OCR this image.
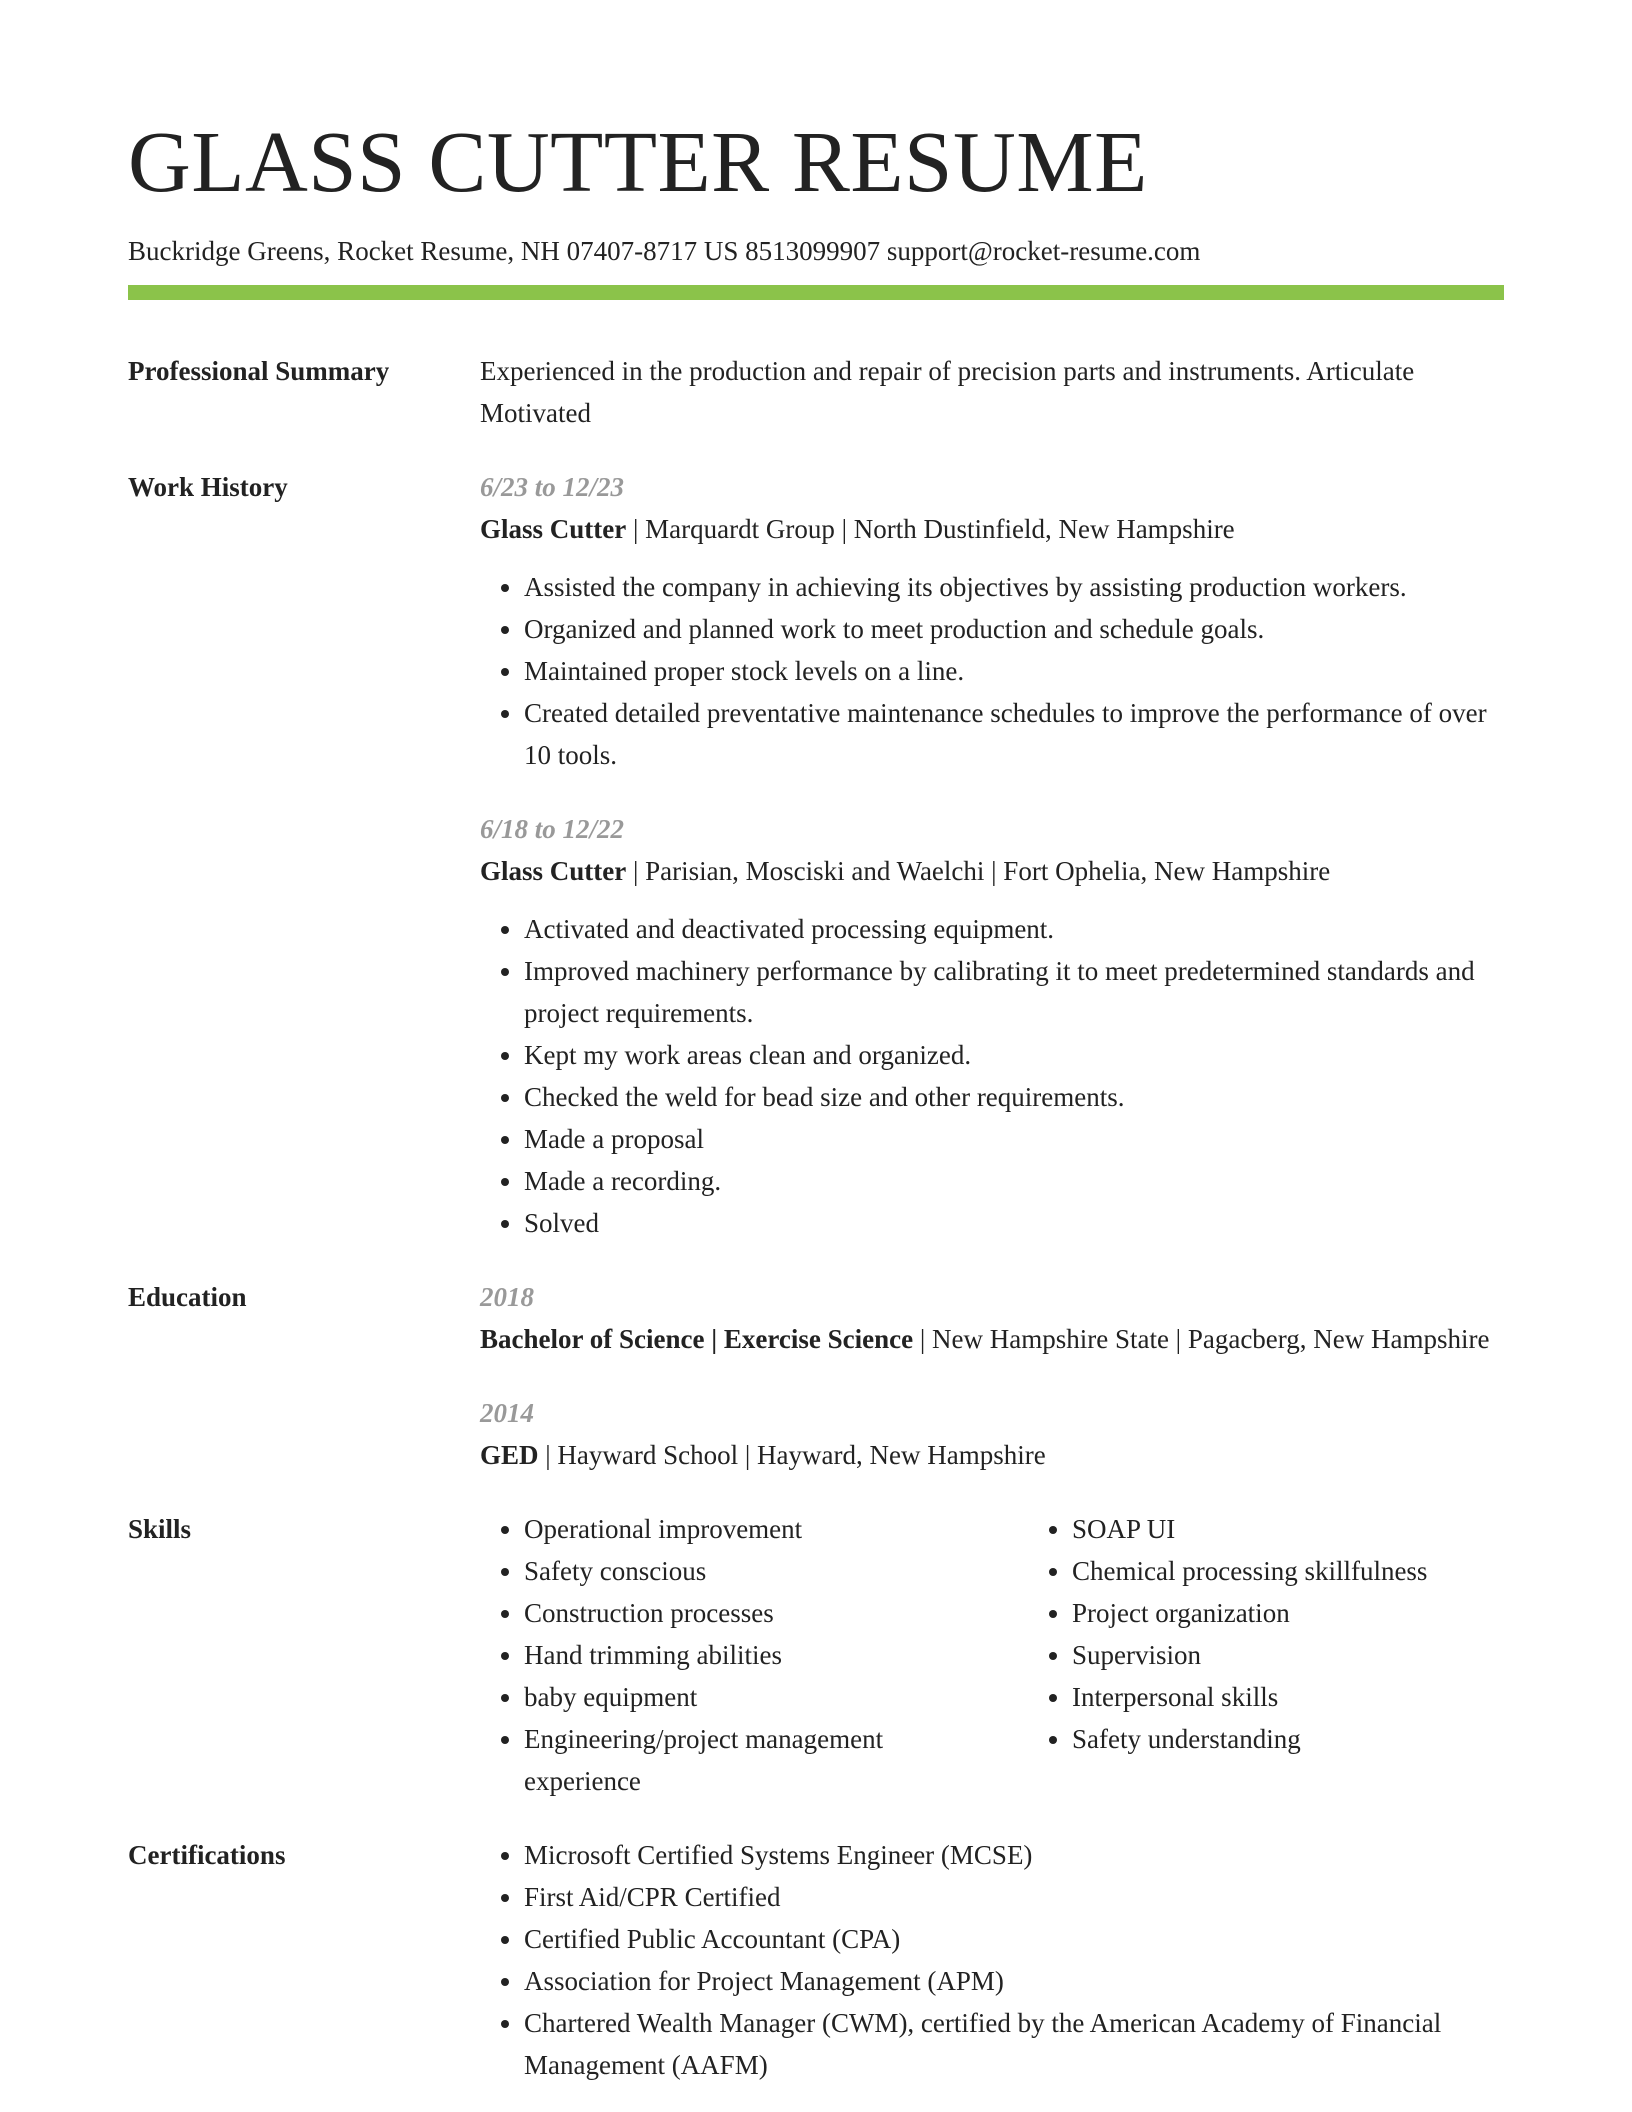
GLASS CUTTER RESUME
Buckridge Greens, Rocket Resume, NH 07407-8717 US 8513099907 support@rocket-resume.com
Professional Summary	Experienced in the production and repair of precision parts and instruments. Articulate Motivated
Work History	6/23 to 12/23

Glass Cutter | Marquardt Group | North Dustinfield, New Hampshire

• Assisted the company in achieving its objectives by assisting production workers.
• Organized and planned work to meet production and schedule goals.
• Maintained proper stock levels on a line.
• Created detailed preventative maintenance schedules to improve the performance of over 10 tools.
6/18 to 12/22

Glass Cutter | Parisian, Mosciski and Waelchi | Fort Ophelia, New Hampshire

• Activated and deactivated processing equipment.
• Improved machinery performance by calibrating it to meet predetermined standards and project requirements.
• Kept my work areas clean and organized.
• Checked the weld for bead size and other requirements.
• Made a proposal
• Made a recording.
• Solved
Education	2018

Bachelor of Science | Exercise Science | New Hampshire State | Pagacberg, New Hampshire

2014

GED | Hayward School | Hayward, New Hampshire

Skills	• Operational improvement
• Safety conscious
• Construction processes
• Hand trimming abilities
• baby equipment
• Engineering/project management experience
• SOAP UI
• Chemical processing skillfulness
• Project organization
• Supervision
• Interpersonal skills
• Safety understanding
Certifications	• Microsoft Certified Systems Engineer (MCSE)
• First Aid/CPR Certified
• Certified Public Accountant (CPA)
• Association for Project Management (APM)
• Chartered Wealth Manager (CWM), certified by the American Academy of Financial Management (AAFM)
